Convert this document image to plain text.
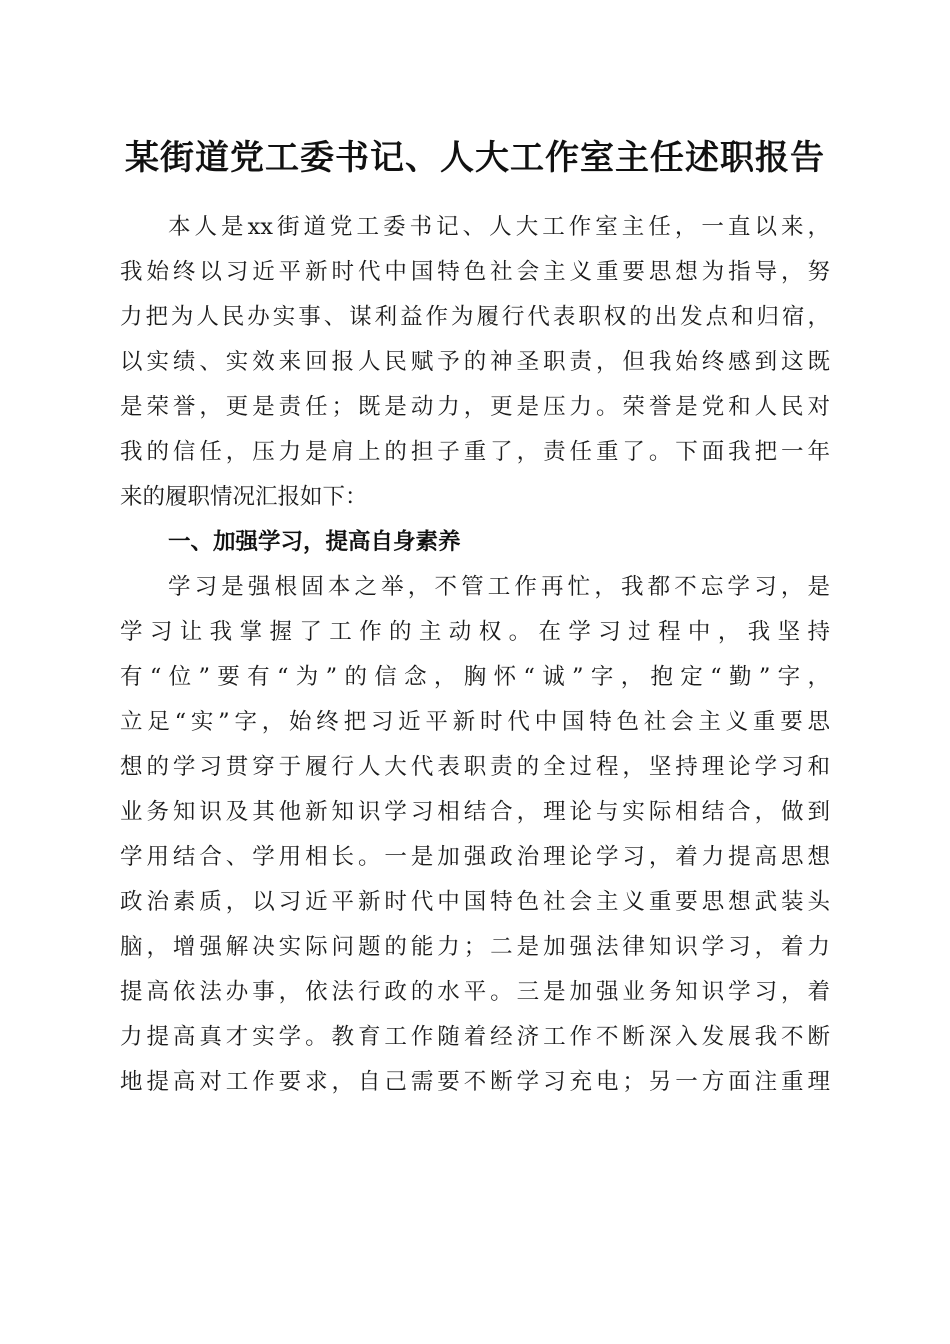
某街道党工委书记、人大工作室主任述职报告
本人是xx街道党工委书记、人大工作室主任，一直以来，
我始终以习近平新时代中国特色社会主义重要思想为指导，努
力把为人民办实事、谋利益作为履行代表职权的出发点和归宿，
以实绩、实效来回报人民赋予的神圣职责，但我始终感到这既
是荣誉，更是责任；既是动力，更是压力。荣誉是党和人民对
我的信任，压力是肩上的担子重了，责任重了。下面我把一年
来的履职情况汇报如下：
一、加强学习，提高自身素养
学习是强根固本之举，不管工作再忙，我都不忘学习，是
学习让我掌握了工作的主动权。在学习过程中，我坚持
有“位”要有“为”的信念，胸怀“诚”字，抱定“勤”字，
立足“实”字，始终把习近平新时代中国特色社会主义重要思
想的学习贯穿于履行人大代表职责的全过程，坚持理论学习和
业务知识及其他新知识学习相结合，理论与实际相结合，做到
学用结合、学用相长。一是加强政治理论学习，着力提高思想
政治素质，以习近平新时代中国特色社会主义重要思想武装头
脑，增强解决实际问题的能力；二是加强法律知识学习，着力
提高依法办事，依法行政的水平。三是加强业务知识学习，着
力提高真才实学。教育工作随着经济工作不断深入发展我不断
地提高对工作要求，自己需要不断学习充电；另一方面注重理
